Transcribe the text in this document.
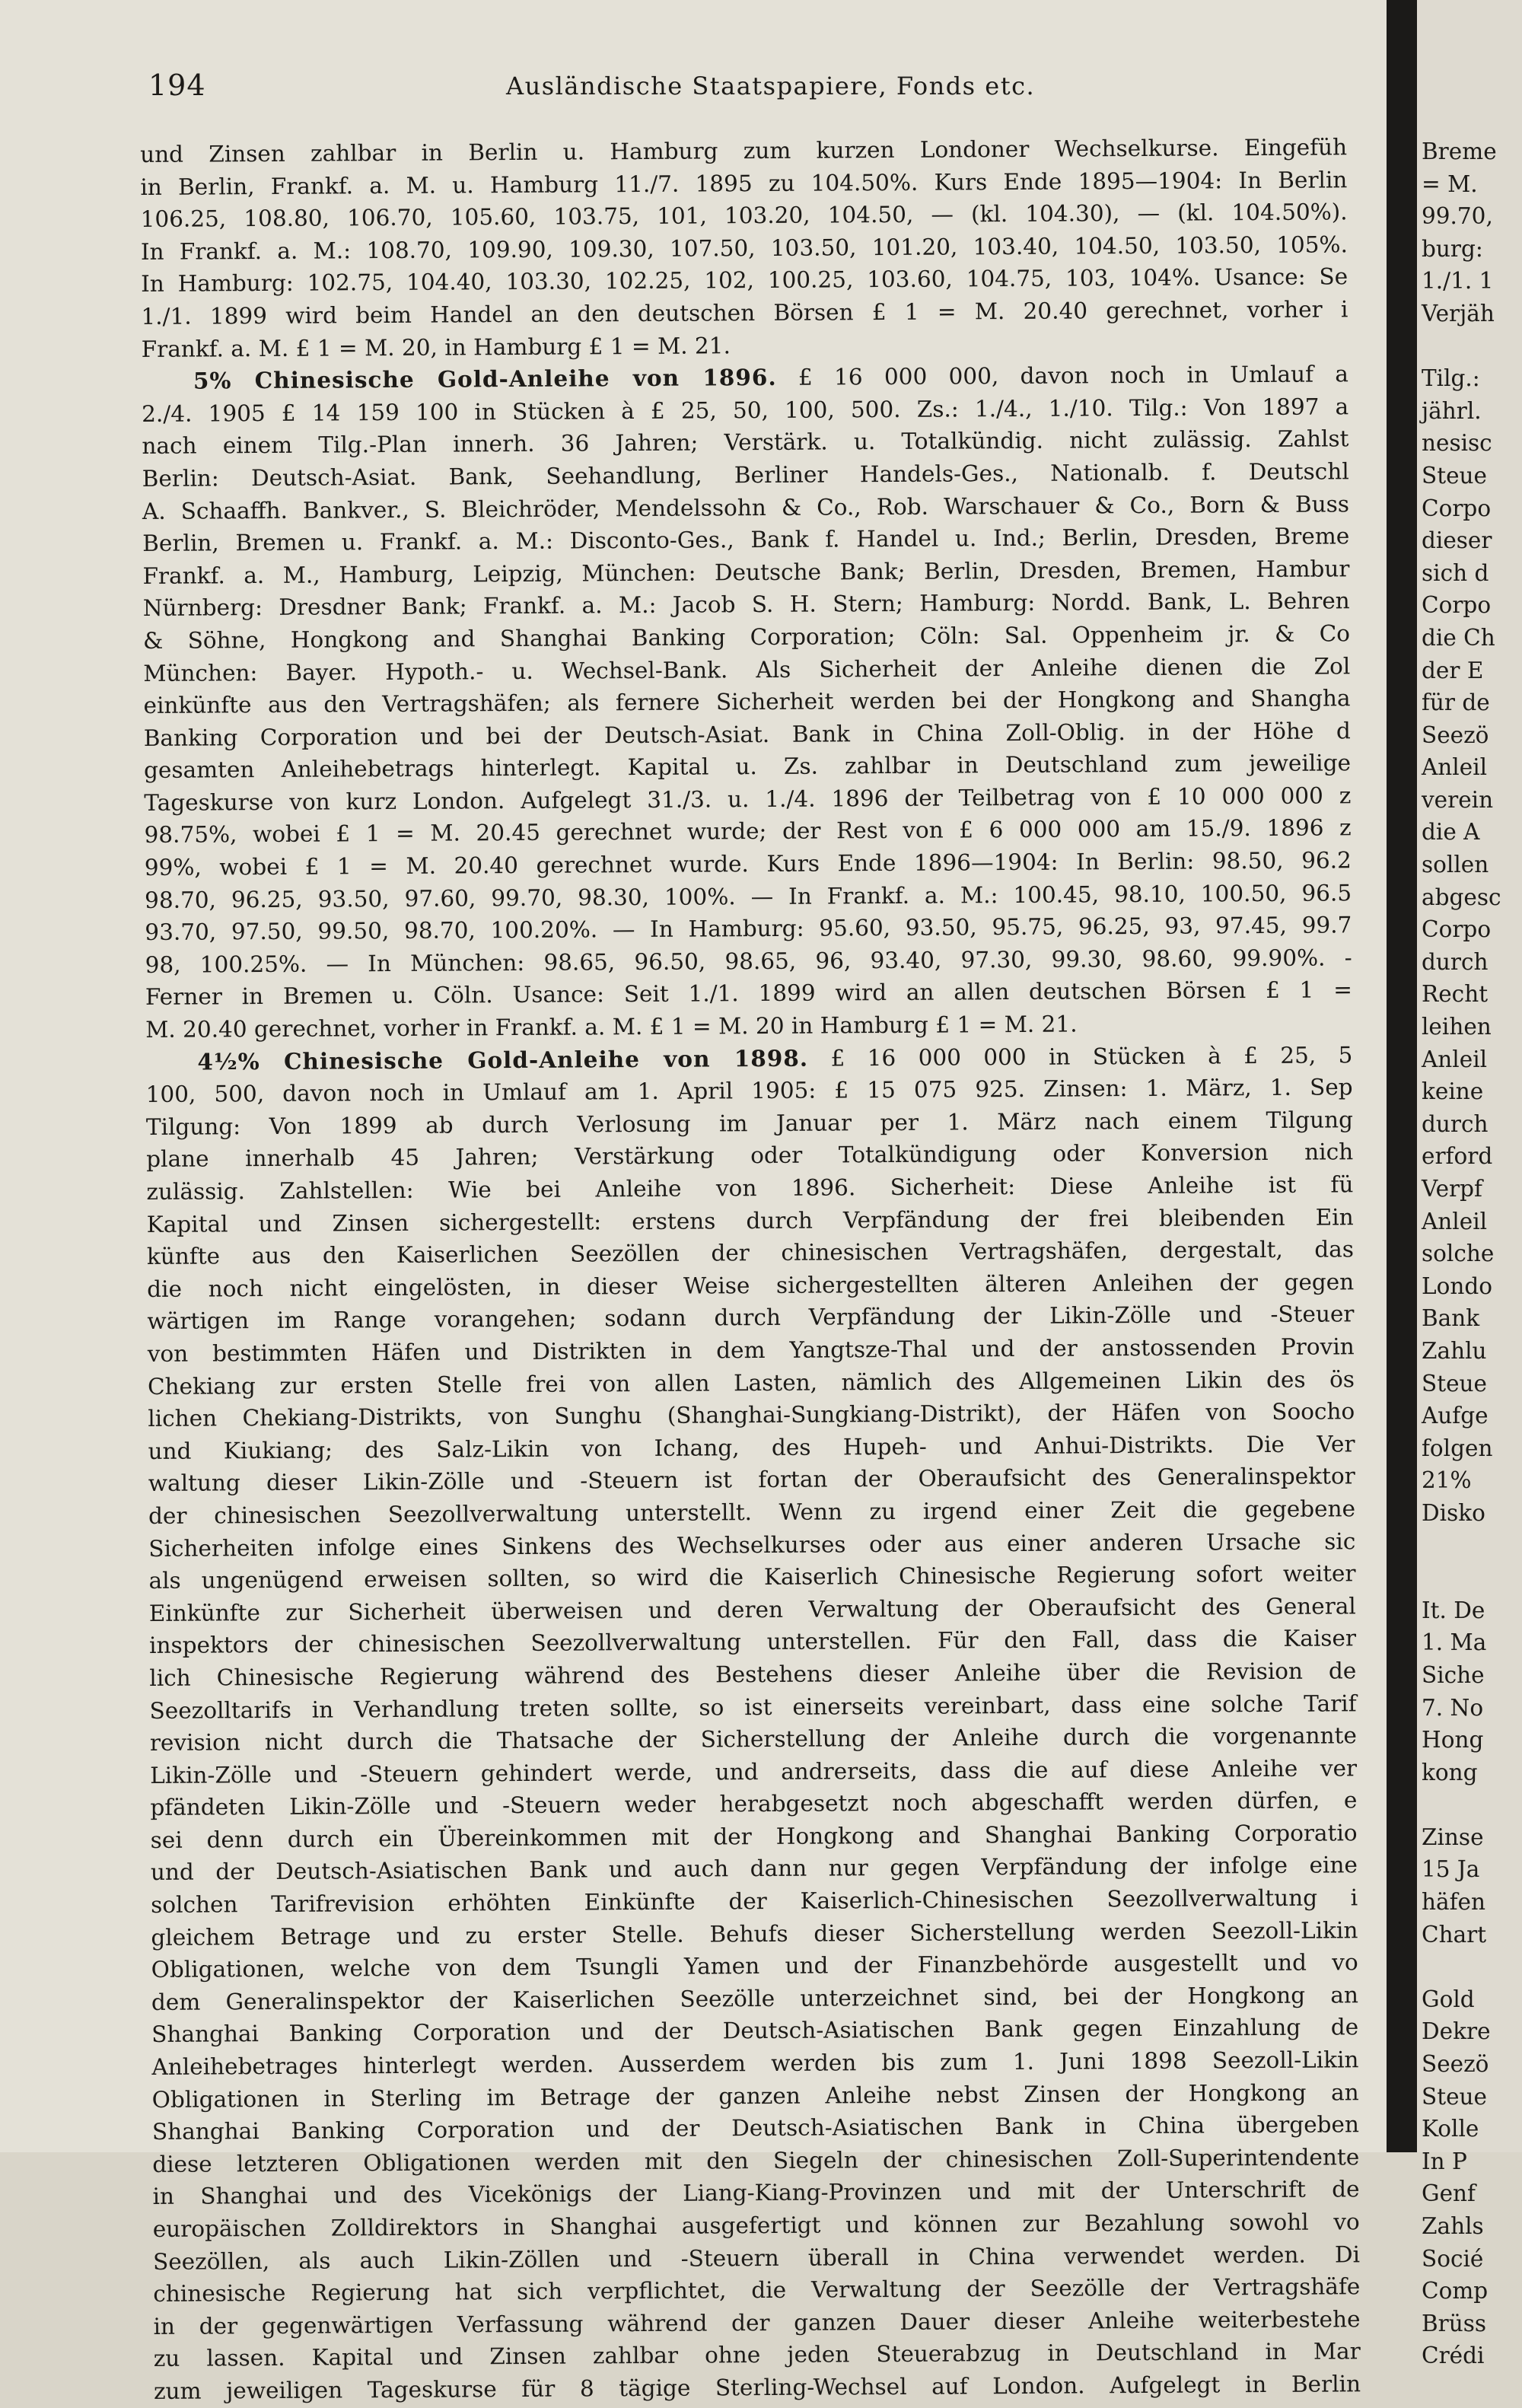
194	Ausländische Staatspapiere, Fonds etc.
und Zinsen zahlbar in Berlin u. Hamburg zum kurzen Londoner Wechselkurse. Eingefüh
in Berlin, Frankf. a. M. u. Hamburg 11./7. 1895 zu 104.50%. Kurs Ende 1895—1904: In Berlin
106.25, 108.80, 106.70, 105.60, 103.75, 101, 103.20, 104.50, — (kl. 104.30), — (kl. 104.50%).
In Frankf. a. M.: 108.70, 109.90, 109.30, 107.50, 103.50, 101.20, 103.40, 104.50, 103.50, 105%.
In Hamburg: 102.75, 104.40, 103.30, 102.25, 102, 100.25, 103.60, 104.75, 103, 104%. Usance: Se
1./1. 1899 wird beim Handel an den deutschen Börsen £ 1 = M. 20.40 gerechnet, vorher i
Frankf. a. M. £ 1 = M. 20, in Hamburg £ 1 = M. 21.
5% Chinesische Gold-Anleihe von 1896. £ 16 000 000, davon noch in Umlauf a
2./4. 1905 £ 14 159 100 in Stücken à £ 25, 50, 100, 500. Zs.: 1./4., 1./10. Tilg.: Von 1897 a
nach einem Tilg.-Plan innerh. 36 Jahren; Verstärk. u. Totalkündig. nicht zulässig. Zahlst
Berlin: Deutsch-Asiat. Bank, Seehandlung, Berliner Handels-Ges., Nationalb. f. Deutschl
A. Schaaffh. Bankver., S. Bleichröder, Mendelssohn & Co., Rob. Warschauer & Co., Born & Buss
Berlin, Bremen u. Frankf. a. M.: Disconto-Ges., Bank f. Handel u. Ind.; Berlin, Dresden, Breme
Frankf. a. M., Hamburg, Leipzig, München: Deutsche Bank; Berlin, Dresden, Bremen, Hambur
Nürnberg: Dresdner Bank; Frankf. a. M.: Jacob S. H. Stern; Hamburg: Nordd. Bank, L. Behren
& Söhne, Hongkong and Shanghai Banking Corporation; Cöln: Sal. Oppenheim jr. & Co
München: Bayer. Hypoth.- u. Wechsel-Bank. Als Sicherheit der Anleihe dienen die Zol
einkünfte aus den Vertragshäfen; als fernere Sicherheit werden bei der Hongkong and Shangha
Banking Corporation und bei der Deutsch-Asiat. Bank in China Zoll-Oblig. in der Höhe d
gesamten Anleihebetrags hinterlegt. Kapital u. Zs. zahlbar in Deutschland zum jeweilige
Tageskurse von kurz London. Aufgelegt 31./3. u. 1./4. 1896 der Teilbetrag von £ 10 000 000 z
98.75%, wobei £ 1 = M. 20.45 gerechnet wurde; der Rest von £ 6 000 000 am 15./9. 1896 z
99%, wobei £ 1 = M. 20.40 gerechnet wurde. Kurs Ende 1896—1904: In Berlin: 98.50, 96.2
98.70, 96.25, 93.50, 97.60, 99.70, 98.30, 100%. — In Frankf. a. M.: 100.45, 98.10, 100.50, 96.5
93.70, 97.50, 99.50, 98.70, 100.20%. — In Hamburg: 95.60, 93.50, 95.75, 96.25, 93, 97.45, 99.7
98, 100.25%. — In München: 98.65, 96.50, 98.65, 96, 93.40, 97.30, 99.30, 98.60, 99.90%. -
Ferner in Bremen u. Cöln. Usance: Seit 1./1. 1899 wird an allen deutschen Börsen £ 1 =
M. 20.40 gerechnet, vorher in Frankf. a. M. £ 1 = M. 20 in Hamburg £ 1 = M. 21.
4½% Chinesische Gold-Anleihe von 1898. £ 16 000 000 in Stücken à £ 25, 5
100, 500, davon noch in Umlauf am 1. April 1905: £ 15 075 925. Zinsen: 1. März, 1. Sep
Tilgung: Von 1899 ab durch Verlosung im Januar per 1. März nach einem Tilgung
plane innerhalb 45 Jahren; Verstärkung oder Totalkündigung oder Konversion nich
zulässig. Zahlstellen: Wie bei Anleihe von 1896. Sicherheit: Diese Anleihe ist fü
Kapital und Zinsen sichergestellt: erstens durch Verpfändung der frei bleibenden Ein
künfte aus den Kaiserlichen Seezöllen der chinesischen Vertragshäfen, dergestalt, das
die noch nicht eingelösten, in dieser Weise sichergestellten älteren Anleihen der gegen
wärtigen im Range vorangehen; sodann durch Verpfändung der Likin-Zölle und -Steuer
von bestimmten Häfen und Distrikten in dem Yangtsze-Thal und der anstossenden Provin
Chekiang zur ersten Stelle frei von allen Lasten, nämlich des Allgemeinen Likin des ös
lichen Chekiang-Distrikts, von Sunghu (Shanghai-Sungkiang-Distrikt), der Häfen von Soocho
und Kiukiang; des Salz-Likin von Ichang, des Hupeh- und Anhui-Distrikts. Die Ver
waltung dieser Likin-Zölle und -Steuern ist fortan der Oberaufsicht des Generalinspektor
der chinesischen Seezollverwaltung unterstellt. Wenn zu irgend einer Zeit die gegebene
Sicherheiten infolge eines Sinkens des Wechselkurses oder aus einer anderen Ursache sic
als ungenügend erweisen sollten, so wird die Kaiserlich Chinesische Regierung sofort weiter
Einkünfte zur Sicherheit überweisen und deren Verwaltung der Oberaufsicht des General
inspektors der chinesischen Seezollverwaltung unterstellen. Für den Fall, dass die Kaiser
lich Chinesische Regierung während des Bestehens dieser Anleihe über die Revision de
Seezolltarifs in Verhandlung treten sollte, so ist einerseits vereinbart, dass eine solche Tarif
revision nicht durch die Thatsache der Sicherstellung der Anleihe durch die vorgenannte
Likin-Zölle und -Steuern gehindert werde, und andrerseits, dass die auf diese Anleihe ver
pfändeten Likin-Zölle und -Steuern weder herabgesetzt noch abgeschafft werden dürfen, e
sei denn durch ein Übereinkommen mit der Hongkong and Shanghai Banking Corporatio
und der Deutsch-Asiatischen Bank und auch dann nur gegen Verpfändung der infolge eine
solchen Tarifrevision erhöhten Einkünfte der Kaiserlich-Chinesischen Seezollverwaltung i
gleichem Betrage und zu erster Stelle. Behufs dieser Sicherstellung werden Seezoll-Likin
Obligationen, welche von dem Tsungli Yamen und der Finanzbehörde ausgestellt und vo
dem Generalinspektor der Kaiserlichen Seezölle unterzeichnet sind, bei der Hongkong an
Shanghai Banking Corporation und der Deutsch-Asiatischen Bank gegen Einzahlung de
Anleihebetrages hinterlegt werden. Ausserdem werden bis zum 1. Juni 1898 Seezoll-Likin
Obligationen in Sterling im Betrage der ganzen Anleihe nebst Zinsen der Hongkong an
Shanghai Banking Corporation und der Deutsch-Asiatischen Bank in China übergeben
diese letzteren Obligationen werden mit den Siegeln der chinesischen Zoll-Superintendente
in Shanghai und des Vicekönigs der Liang-Kiang-Provinzen und mit der Unterschrift de
europäischen Zolldirektors in Shanghai ausgefertigt und können zur Bezahlung sowohl vo
Seezöllen, als auch Likin-Zöllen und -Steuern überall in China verwendet werden. Di
chinesische Regierung hat sich verpflichtet, die Verwaltung der Seezölle der Vertragshäfe
in der gegenwärtigen Verfassung während der ganzen Dauer dieser Anleihe weiterbestehe
zu lassen. Kapital und Zinsen zahlbar ohne jeden Steuerabzug in Deutschland in Mar
zum jeweiligen Tageskurse für 8 tägige Sterling-Wechsel auf London. Aufgelegt in Berlin
Breme
= M.
99.70,
burg:
1./1. 1
Verjäh
Tilg.:
jährl.
nesisc
Steue
Corpo
dieser
sich d
Corpo
die Ch
der E
für de
Seezö
Anleil
verein
die A
sollen
abgesc
Corpo
durch
Recht
leihen
Anleil
keine
durch
erford
Verpf
Anleil
solche
Londo
Bank
Zahlu
Steue
Aufge
folgen
21%
Disko
It. De
1. Ma
Siche
7. No
Hong
kong
Zinse
15 Ja
häfen
Chart
Gold
Dekre
Seezö
Steue
Kolle
In P
Genf
Zahls
Socié
Comp
Brüss
Crédi
